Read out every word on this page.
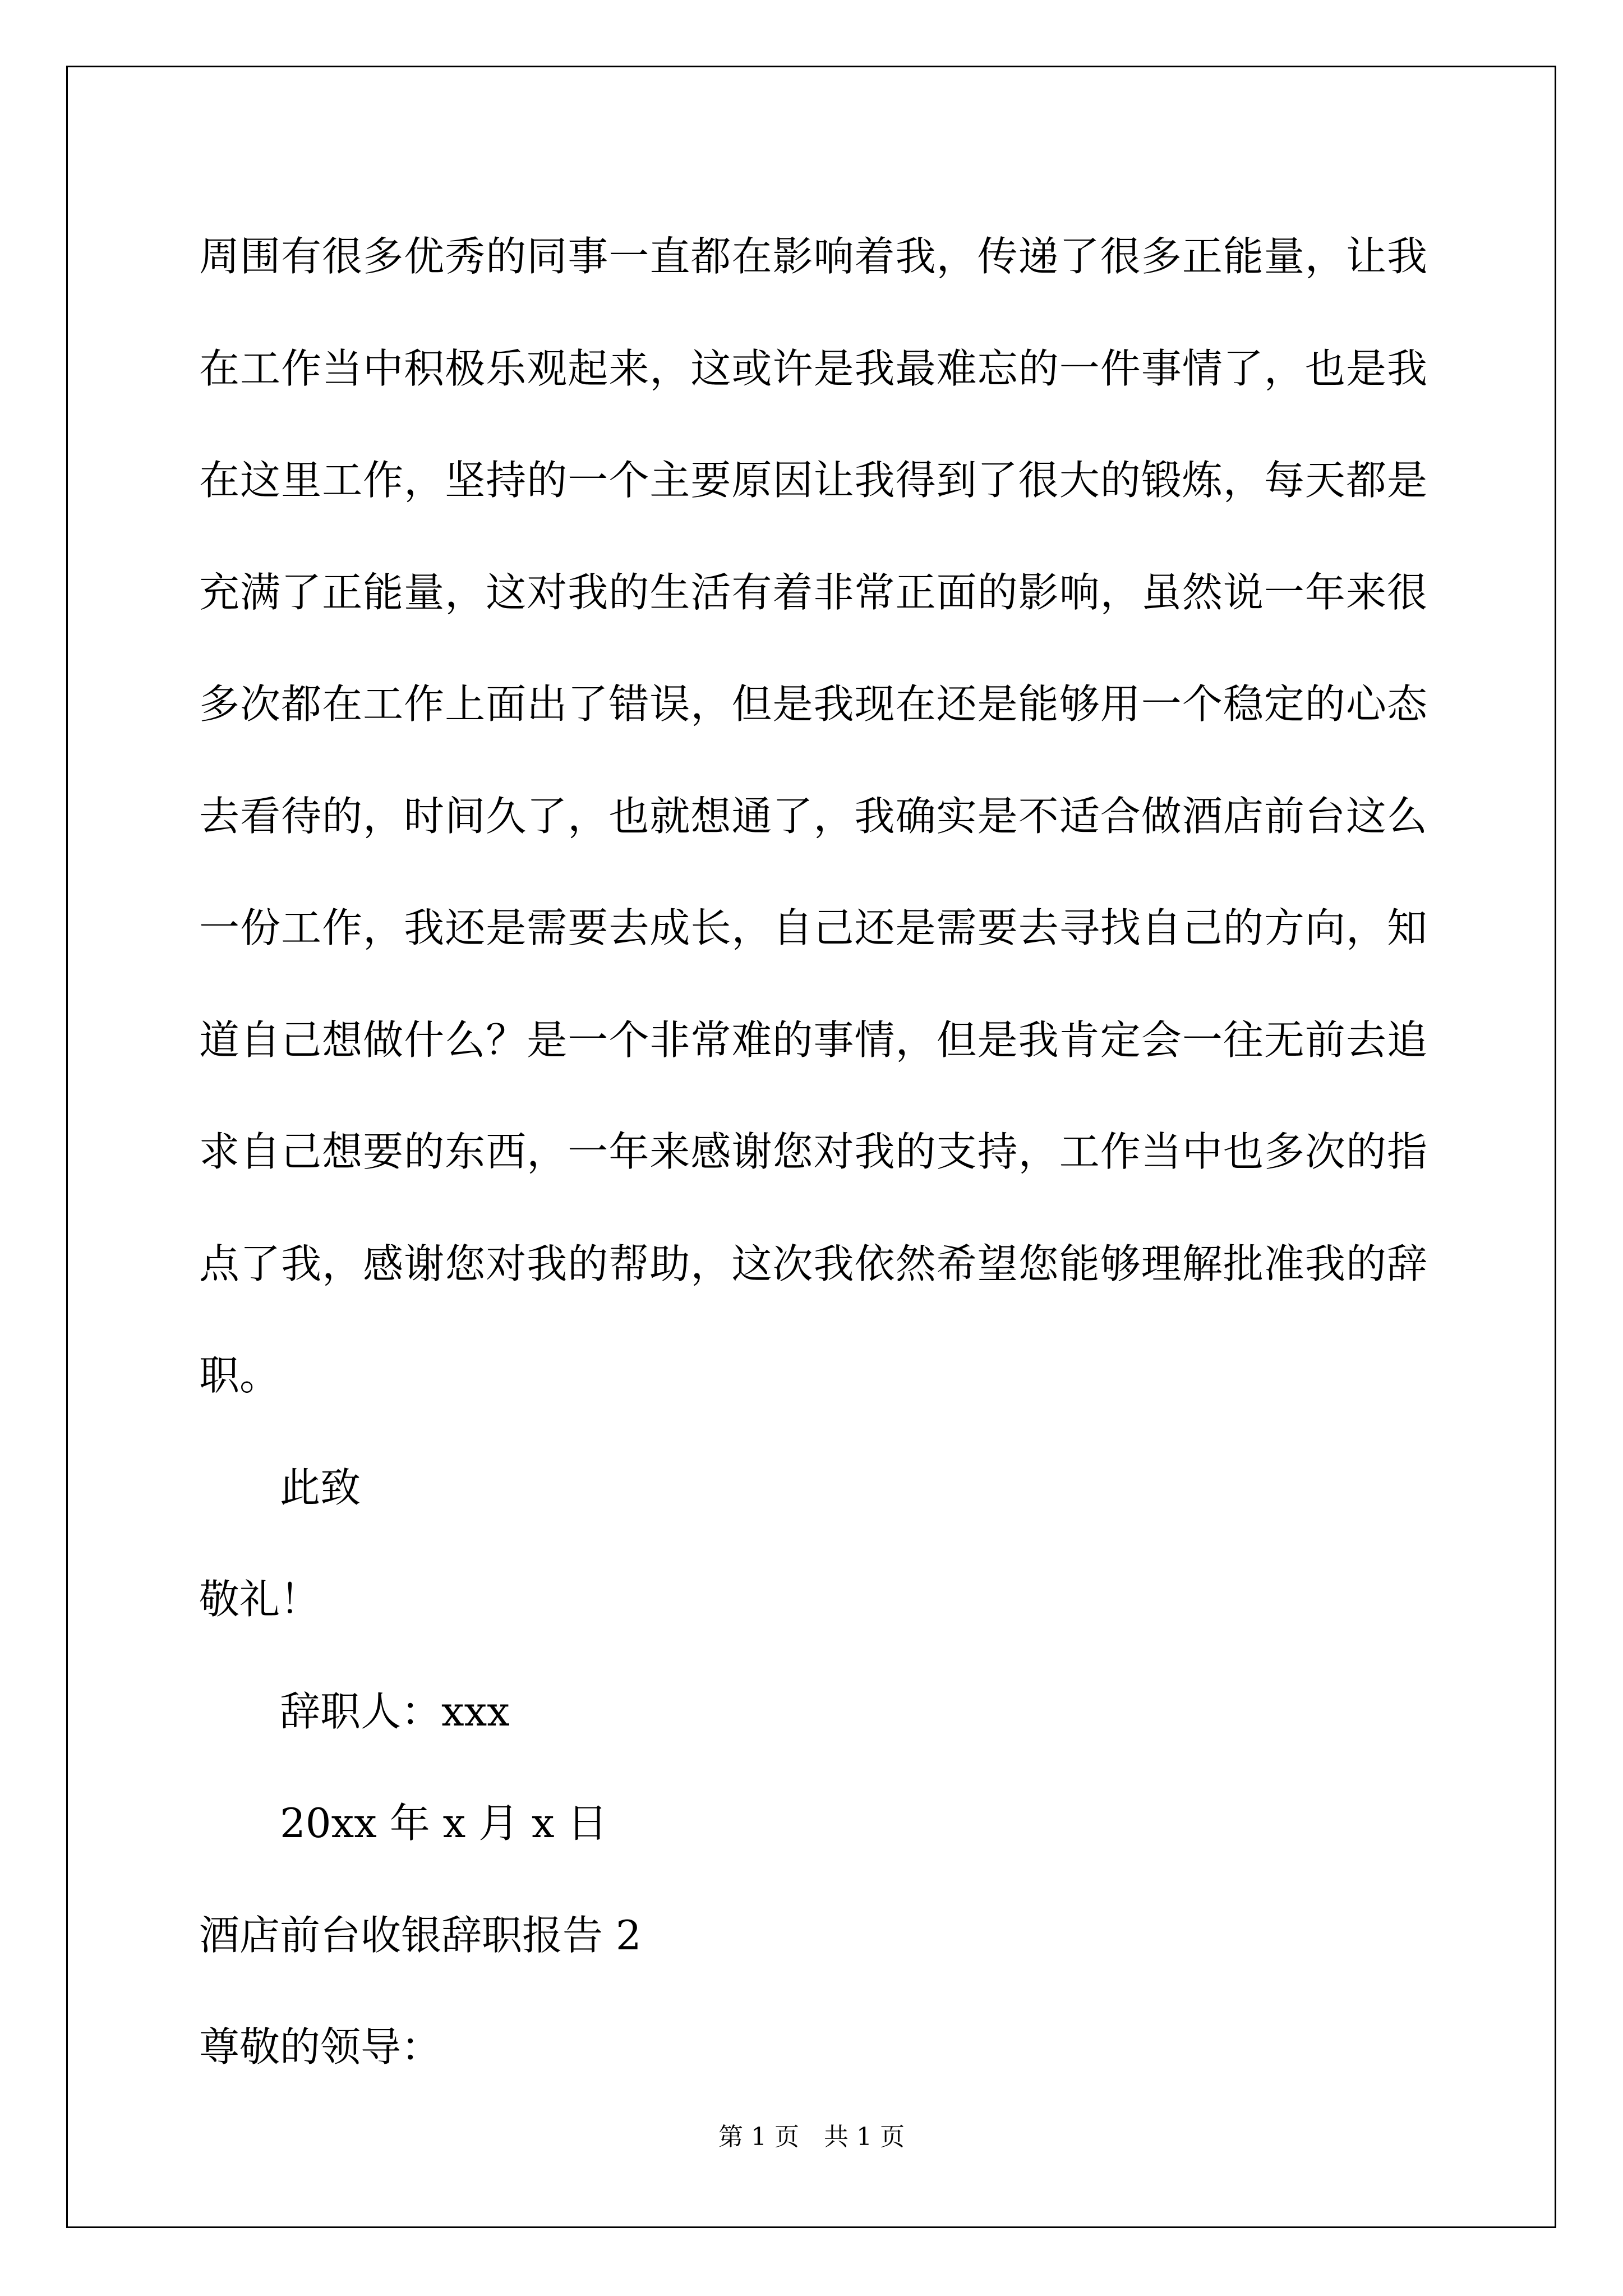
周围有很多优秀的同事一直都在影响着我，传递了很多正能量，让我
在工作当中积极乐观起来，这或许是我最难忘的一件事情了，也是我
在这里工作，坚持的一个主要原因让我得到了很大的锻炼，每天都是
充满了正能量，这对我的生活有着非常正面的影响，虽然说一年来很
多次都在工作上面出了错误，但是我现在还是能够用一个稳定的心态
去看待的，时间久了，也就想通了，我确实是不适合做酒店前台这么
一份工作，我还是需要去成长，自己还是需要去寻找自己的方向，知
道自己想做什么？是一个非常难的事情，但是我肯定会一往无前去追
求自己想要的东西，一年来感谢您对我的支持，工作当中也多次的指
点了我，感谢您对我的帮助，这次我依然希望您能够理解批准我的辞
职。
此致
敬礼！
辞职人：xxx
20xx 年 x 月 x 日
酒店前台收银辞职报告 2
尊敬的领导：
第 1 页　共 1 页
